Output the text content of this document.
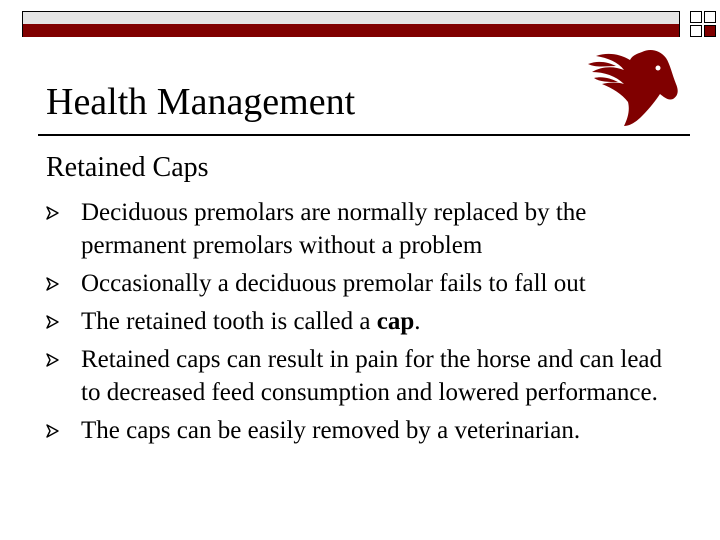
Health Management
Retained Caps
Deciduous premolars are normally replaced by the permanent premolars without a problem
Occasionally a deciduous premolar fails to fall out
The retained tooth is called a cap.
Retained caps can result in pain for the horse and can lead to decreased feed consumption and lowered performance.
The caps can be easily removed by a veterinarian.
